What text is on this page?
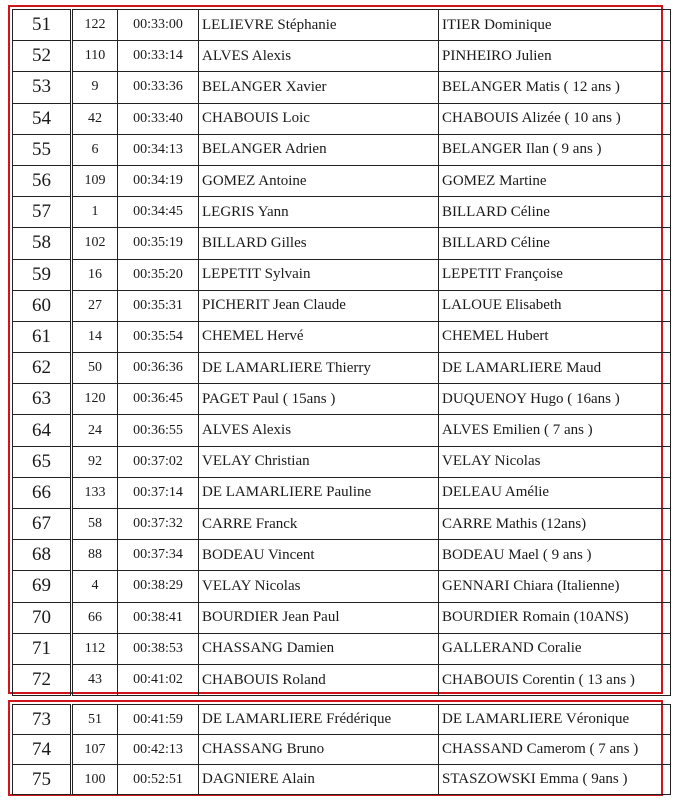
51	122	00:33:00	LELIEVRE Stéphanie	ITIER Dominique
52	110	00:33:14	ALVES Alexis	PINHEIRO Julien
53	9	00:33:36	BELANGER Xavier	BELANGER Matis ( 12 ans )
54	42	00:33:40	CHABOUIS Loic	CHABOUIS Alizée ( 10 ans )
55	6	00:34:13	BELANGER Adrien	BELANGER Ilan ( 9 ans )
56	109	00:34:19	GOMEZ Antoine	GOMEZ Martine
57	1	00:34:45	LEGRIS Yann	BILLARD Céline
58	102	00:35:19	BILLARD Gilles	BILLARD Céline
59	16	00:35:20	LEPETIT Sylvain	LEPETIT Françoise
60	27	00:35:31	PICHERIT Jean Claude	LALOUE Elisabeth
61	14	00:35:54	CHEMEL Hervé	CHEMEL Hubert
62	50	00:36:36	DE LAMARLIERE Thierry	DE LAMARLIERE Maud
63	120	00:36:45	PAGET Paul ( 15ans )	DUQUENOY Hugo ( 16ans )
64	24	00:36:55	ALVES Alexis	ALVES Emilien ( 7 ans )
65	92	00:37:02	VELAY Christian	VELAY Nicolas
66	133	00:37:14	DE LAMARLIERE Pauline	DELEAU Amélie
67	58	00:37:32	CARRE Franck	CARRE Mathis (12ans)
68	88	00:37:34	BODEAU Vincent	BODEAU Mael ( 9 ans )
69	4	00:38:29	VELAY Nicolas	GENNARI Chiara (Italienne)
70	66	00:38:41	BOURDIER Jean Paul	BOURDIER Romain (10ANS)
71	112	00:38:53	CHASSANG Damien	GALLERAND Coralie
72	43	00:41:02	CHABOUIS Roland	CHABOUIS Corentin ( 13 ans )
73	51	00:41:59	DE LAMARLIERE Frédérique	DE LAMARLIERE Véronique
74	107	00:42:13	CHASSANG Bruno	CHASSAND Camerom ( 7 ans )
75	100	00:52:51	DAGNIERE Alain	STASZOWSKI Emma ( 9ans )
